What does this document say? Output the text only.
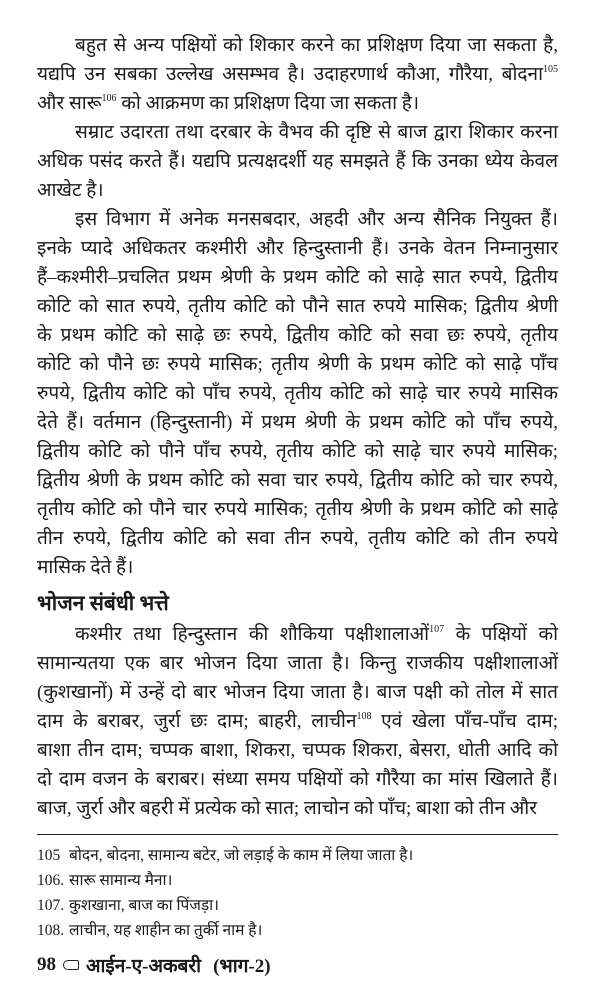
बहुत से अन्य पक्षियों को शिकार करने का प्रशिक्षण दिया जा सकता है,
यद्यपि उन सबका उल्लेख असम्भव है। उदाहरणार्थ कौआ, गौरैया, बोदना$^{105}$
और सारू$^{106}$ को आक्रमण का प्रशिक्षण दिया जा सकता है।
सम्राट उदारता तथा दरबार के वैभव की दृष्टि से बाज द्वारा शिकार करना
अधिक पसंद करते हैं। यद्यपि प्रत्यक्षदर्शी यह समझते हैं कि उनका ध्येय केवल
आखेट है।
इस विभाग में अनेक मनसबदार, अहदी और अन्य सैनिक नियुक्त हैं।
इनके प्यादे अधिकतर कश्मीरी और हिन्दुस्तानी हैं। उनके वेतन निम्नानुसार
हैं–कश्मीरी–प्रचलित प्रथम श्रेणी के प्रथम कोटि को साढ़े सात रुपये, द्वितीय
कोटि को सात रुपये, तृतीय कोटि को पौने सात रुपये मासिक; द्वितीय श्रेणी
के प्रथम कोटि को साढ़े छः रुपये, द्वितीय कोटि को सवा छः रुपये, तृतीय
कोटि को पौने छः रुपये मासिक; तृतीय श्रेणी के प्रथम कोटि को साढ़े पाँच
रुपये, द्वितीय कोटि को पाँच रुपये, तृतीय कोटि को साढ़े चार रुपये मासिक
देते हैं। वर्तमान (हिन्दुस्तानी) में प्रथम श्रेणी के प्रथम कोटि को पाँच रुपये,
द्वितीय कोटि को पौने पाँच रुपये, तृतीय कोटि को साढ़े चार रुपये मासिक;
द्वितीय श्रेणी के प्रथम कोटि को सवा चार रुपये, द्वितीय कोटि को चार रुपये,
तृतीय कोटि को पौने चार रुपये मासिक; तृतीय श्रेणी के प्रथम कोटि को साढ़े
तीन रुपये, द्वितीय कोटि को सवा तीन रुपये, तृतीय कोटि को तीन रुपये
मासिक देते हैं।
भोजन संबंधी भत्ते
कश्मीर तथा हिन्दुस्तान की शौकिया पक्षीशालाओं$^{107}$ के पक्षियों को
सामान्यतया एक बार भोजन दिया जाता है। किन्तु राजकीय पक्षीशालाओं
(कुशखानों) में उन्हें दो बार भोजन दिया जाता है। बाज पक्षी को तोल में सात
दाम के बराबर, जुर्रा छः दाम; बाहरी, लाचीन$^{108}$ एवं खेला पाँच-पाँच दाम;
बाशा तीन दाम; चप्पक बाशा, शिकरा, चप्पक शिकरा, बेसरा, धोती आदि को
दो दाम वजन के बराबर। संध्या समय पक्षियों को गौरैया का मांस खिलाते हैं।
बाज, जुर्रा और बहरी में प्रत्येक को सात; लाचोन को पाँच; बाशा को तीन और
105 बोदन, बोदना, सामान्य बटेर, जो लड़ाई के काम में लिया जाता है।
106. सारू सामान्य मैना।
107. कुशखाना, बाज का पिंजड़ा।
108. लाचीन, यह शाहीन का तुर्की नाम है।
98 आईन-ए-अकबरी (भाग-2)
